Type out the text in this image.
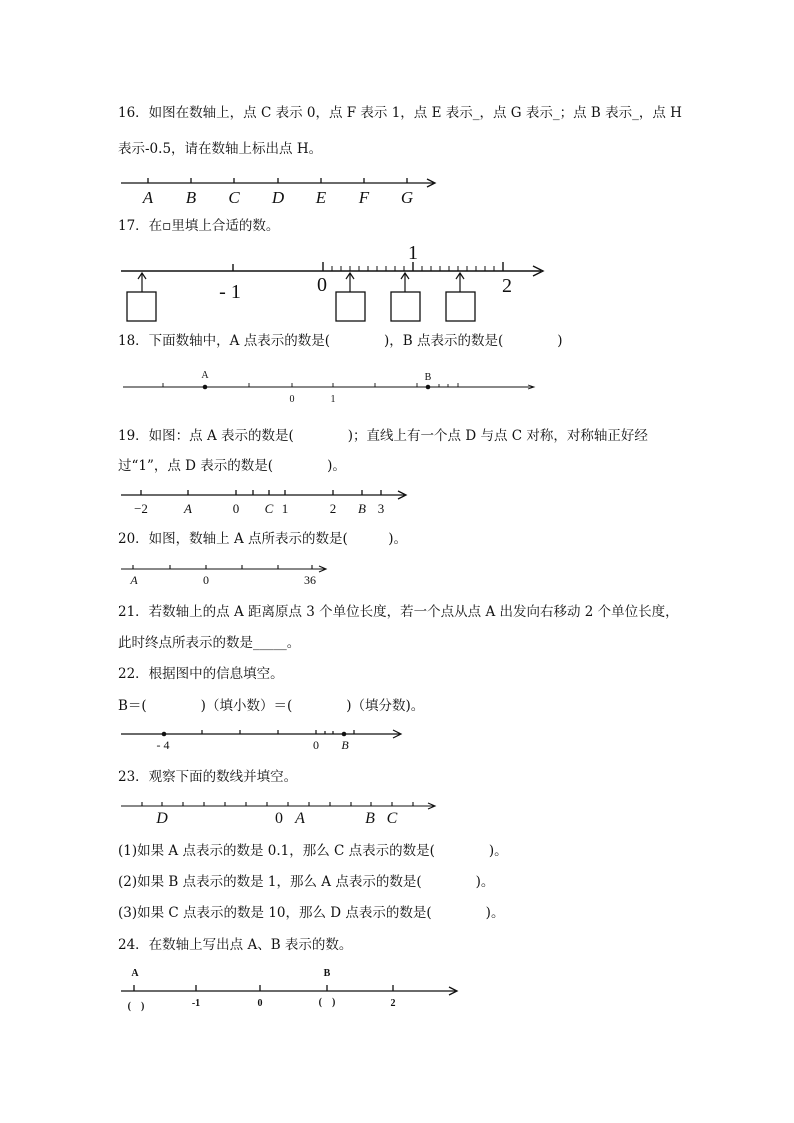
16．如图在数轴上，点 C 表示 0，点 F 表示 1，点 E 表示_，点 G 表示_；点 B 表示_，点 H
表示-0.5，请在数轴上标出点 H。
A B C D E F G
17．在▫里填上合适的数。
- 1	0
1
2
18．下面数轴中，A 点表示的数是(　　　　)，B 点表示的数是(　　　　)
A	B
0	1
19．如图：点 A 表示的数是(　　　　)；直线上有一个点 D 与点 C 对称，对称轴正好经
过“1”，点 D 表示的数是(　　　　)。
−2	A	0 C 1	2 B 3
20．如图，数轴上 A 点所表示的数是(　　　)。
A	0	36
21．若数轴上的点 A 距离原点 3 个单位长度，若一个点从点 A 出发向右移动 2 个单位长度，
此时终点所表示的数是_____。
22．根据图中的信息填空。
B＝(　　　　)（填小数）＝(　　　　)（填分数)。
- 4	0 B
23．观察下面的数线并填空。
D	0 A	B C
(1)如果 A 点表示的数是 0.1，那么 C 点表示的数是(　　　　)。
(2)如果 B 点表示的数是 1，那么 A 点表示的数是(　　　　)。
(3)如果 C 点表示的数是 10，那么 D 点表示的数是(　　　　)。
24．在数轴上写出点 A、B 表示的数。
A	B
-1	0	2
(　)	(　)
